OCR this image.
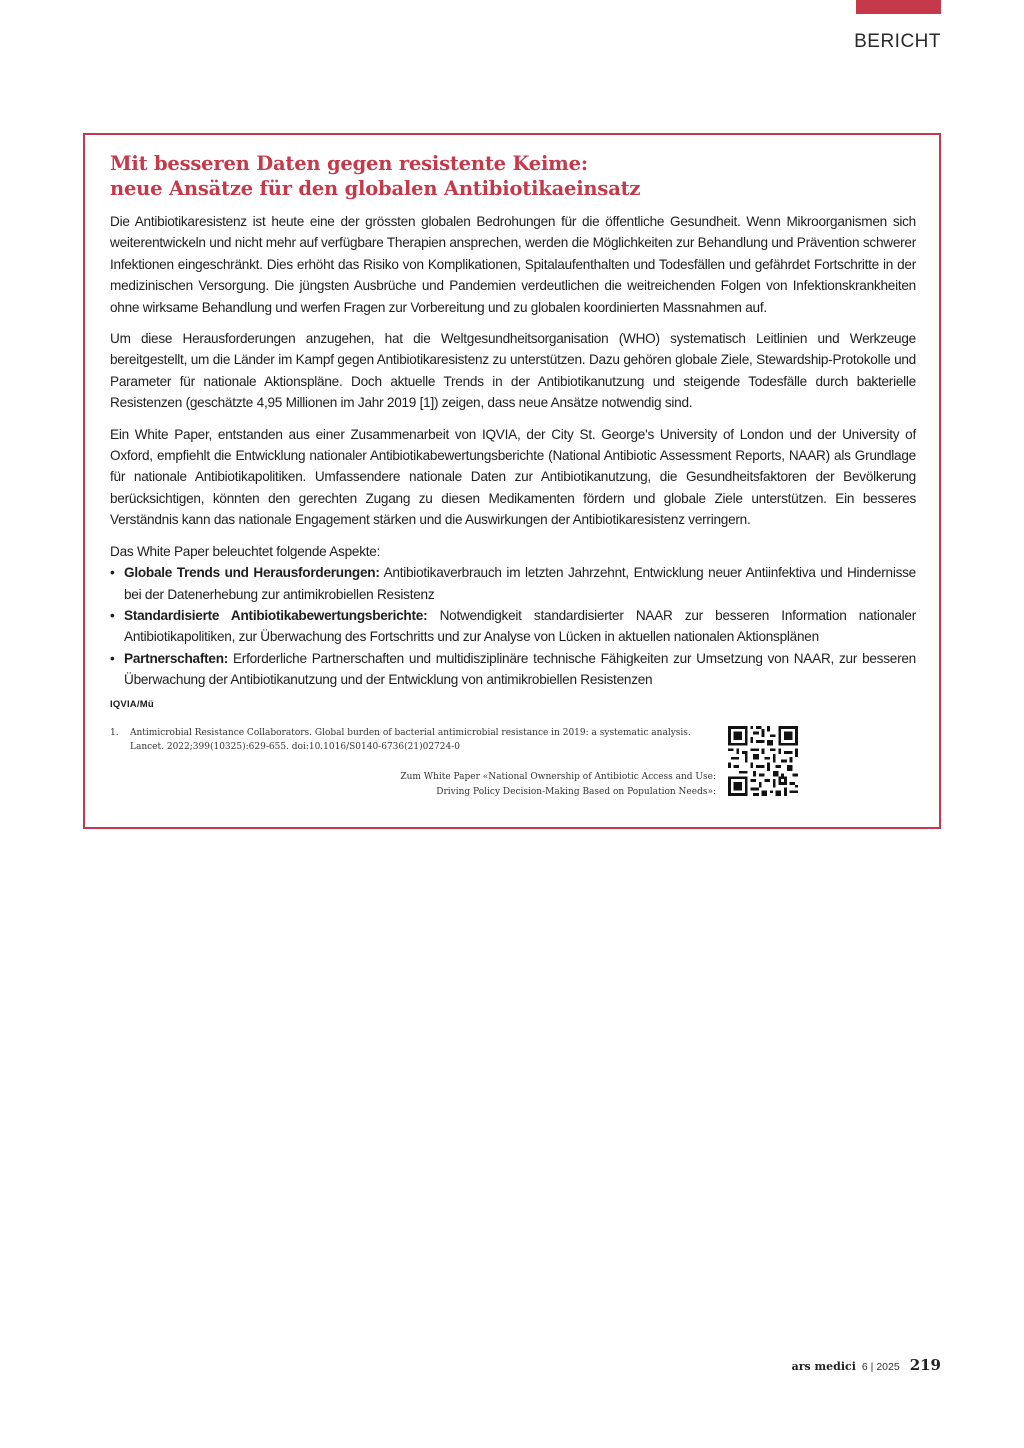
BERICHT
Mit besseren Daten gegen resistente Keime:
neue Ansätze für den globalen Antibiotikaeinsatz

Die Antibiotikaresistenz ist heute eine der grössten globalen Bedrohungen für die öffentliche Gesundheit. Wenn Mikroorganismen sich weiterentwickeln und nicht mehr auf verfügbare Therapien ansprechen, werden die Möglichkeiten zur Behandlung und Prävention schwerer Infektionen eingeschränkt. Dies erhöht das Risiko von Komplikationen, Spitalaufenthalten und Todesfällen und gefährdet Fortschritte in der medizinischen Versorgung. Die jüngsten Ausbrüche und Pandemien verdeutlichen die weitreichenden Folgen von Infektionskrankheiten ohne wirksame Behandlung und werfen Fragen zur Vorbereitung und zu globalen koordinierten Massnahmen auf.

Um diese Herausforderungen anzugehen, hat die Weltgesundheitsorganisation (WHO) systematisch Leitlinien und Werkzeuge bereitgestellt, um die Länder im Kampf gegen Antibiotikaresistenz zu unterstützen. Dazu gehören globale Ziele, Stewardship-Protokolle und Parameter für nationale Aktionspläne. Doch aktuelle Trends in der Antibiotikanutzung und steigende Todesfälle durch bakterielle Resistenzen (geschätzte 4,95 Millionen im Jahr 2019 [1]) zeigen, dass neue Ansätze notwendig sind.

Ein White Paper, entstanden aus einer Zusammenarbeit von IQVIA, der City St. George's University of London und der University of Oxford, empfiehlt die Entwicklung nationaler Antibiotikabewertungsberichte (National Antibiotic Assessment Reports, NAAR) als Grundlage für nationale Antibiotikapolitiken. Umfassendere nationale Daten zur Antibiotikanutzung, die Gesundheitsfaktoren der Bevölkerung berücksichtigen, könnten den gerechten Zugang zu diesen Medikamenten fördern und globale Ziele unterstützen. Ein besseres Verständnis kann das nationale Engagement stärken und die Auswirkungen der Antibiotikaresistenz verringern.

Das White Paper beleuchtet folgende Aspekte:

• Globale Trends und Herausforderungen: Antibiotikaverbrauch im letzten Jahrzehnt, Entwicklung neuer Antiinfektiva und Hindernisse bei der Datenerhebung zur antimikrobiellen Resistenz
• Standardisierte Antibiotikabewertungsberichte: Notwendigkeit standardisierter NAAR zur besseren Information nationaler Antibiotikapolitiken, zur Überwachung des Fortschritts und zur Analyse von Lücken in aktuellen nationalen Aktionsplänen
• Partnerschaften: Erforderliche Partnerschaften und multidisziplinäre technische Fähigkeiten zur Umsetzung von NAAR, zur besseren Überwachung der Antibiotikanutzung und der Entwicklung von antimikrobiellen Resistenzen

IQVIA/Mü

1.	Antimicrobial Resistance Collaborators. Global burden of bacterial antimicrobial resistance in 2019: a systematic analysis. Lancet. 2022;399(10325):629-655. doi:10.1016/S0140-6736(21)02724-0
Zum White Paper «National Ownership of Antibiotic Access and Use:
Driving Policy Decision-Making Based on Population Needs»:
ars medici 6 | 2025 219
